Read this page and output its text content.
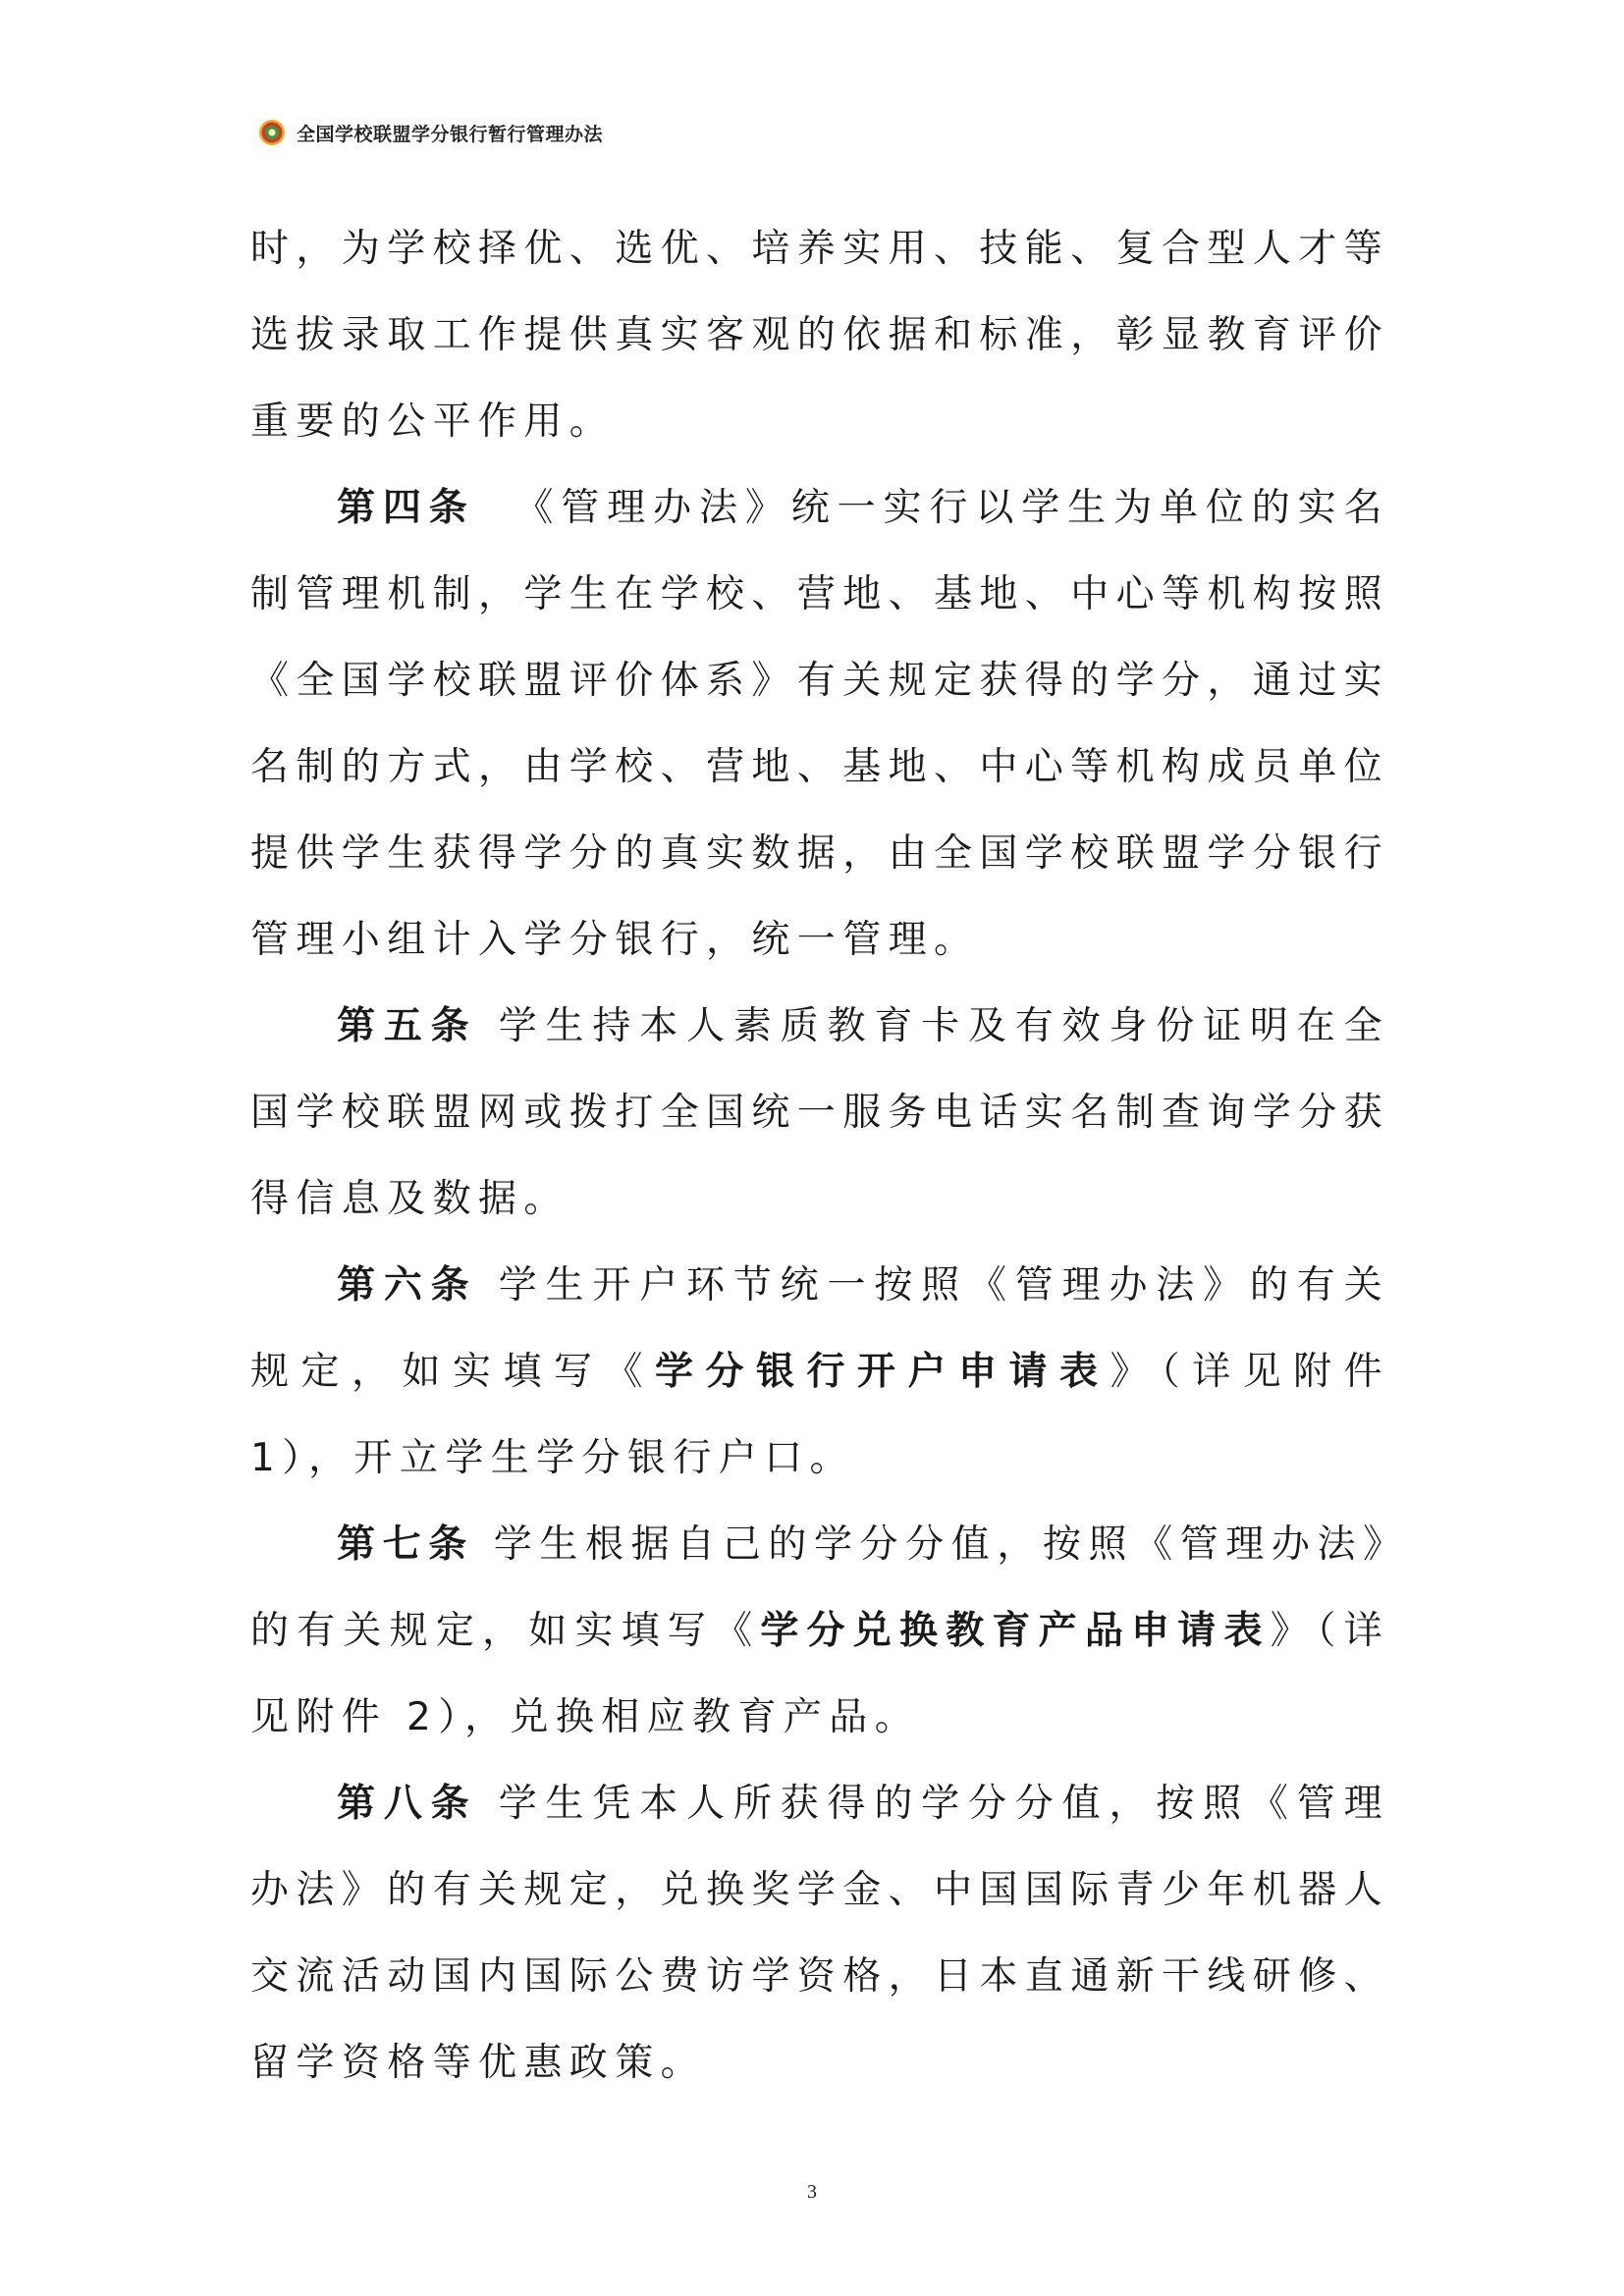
全国学校联盟学分银行暂行管理办法

时，为学校择优、选优、培养实用、技能、复合型人才等选拔录取工作提供真实客观的依据和标准，彰显教育评价重要的公平作用。

第四条 《管理办法》统一实行以学生为单位的实名制管理机制，学生在学校、营地、基地、中心等机构按照《全国学校联盟评价体系》有关规定获得的学分，通过实名制的方式，由学校、营地、基地、中心等机构成员单位提供学生获得学分的真实数据，由全国学校联盟学分银行管理小组计入学分银行，统一管理。

第五条 学生持本人素质教育卡及有效身份证明在全国学校联盟网或拨打全国统一服务电话实名制查询学分获得信息及数据。

第六条 学生开户环节统一按照《管理办法》的有关规定，如实填写《学分银行开户申请表》（详见附件 1），开立学生学分银行户口。

第七条 学生根据自己的学分分值，按照《管理办法》的有关规定，如实填写《学分兑换教育产品申请表》（详见附件 2），兑换相应教育产品。

第八条 学生凭本人所获得的学分分值，按照《管理办法》的有关规定，兑换奖学金、中国国际青少年机器人交流活动国内国际公费访学资格，日本直通新干线研修、留学资格等优惠政策。

3
